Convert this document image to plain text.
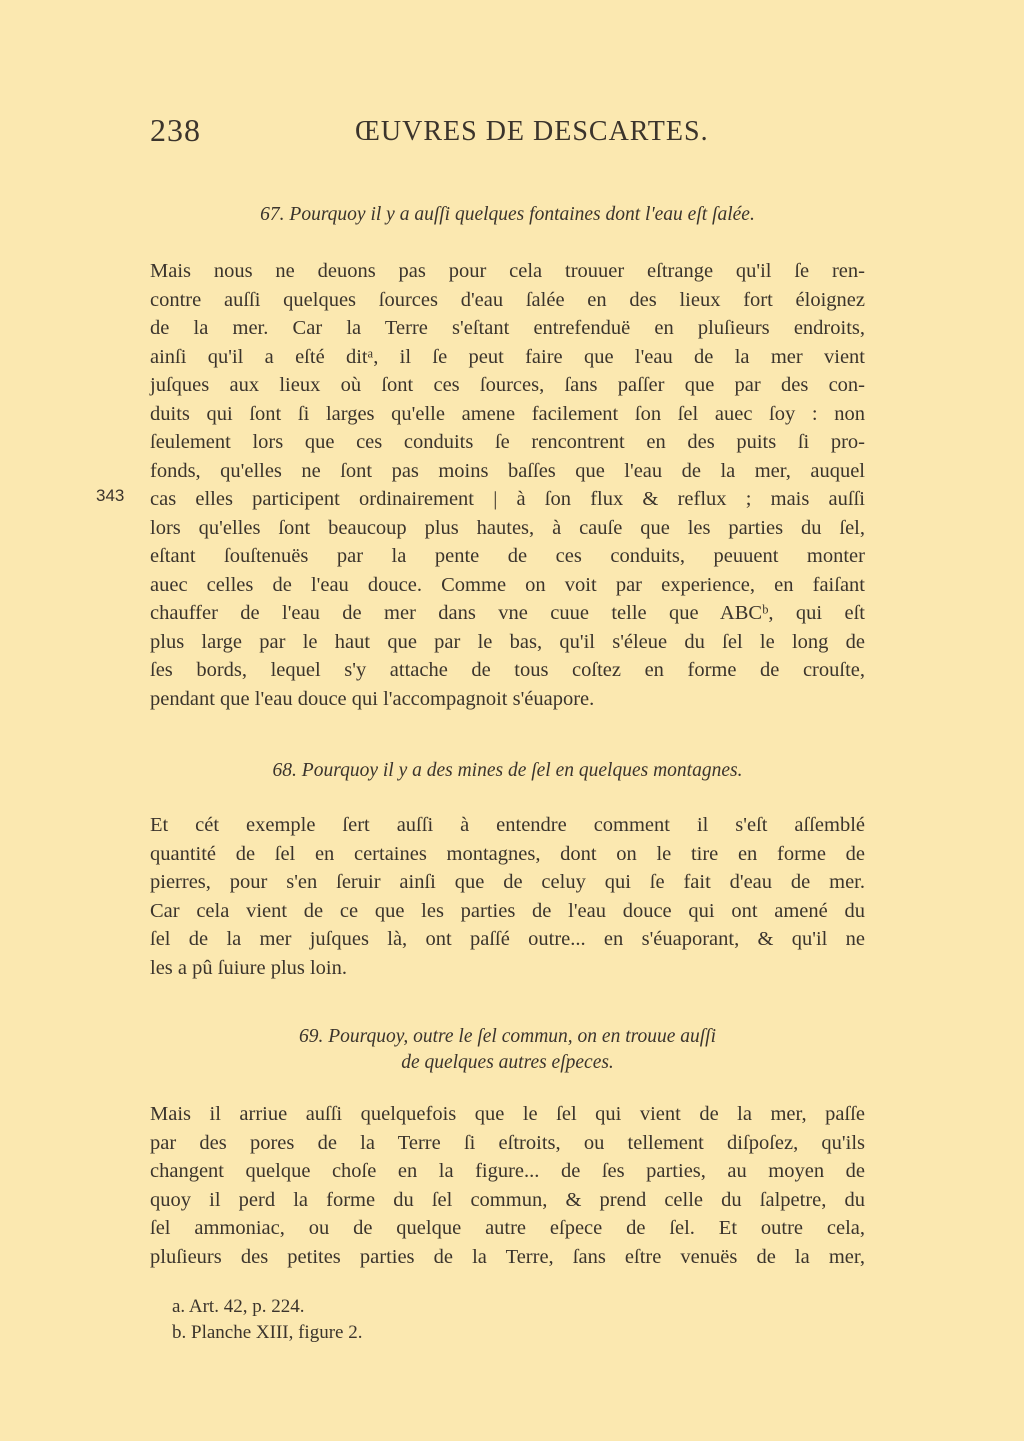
238	ŒUVRES DE DESCARTES.
67. Pourquoy il y a auſſi quelques fontaines dont l'eau eſt ſalée.
Mais nous ne deuons pas pour cela trouuer eſtrange qu'il ſe ren-
contre auſſi quelques ſources d'eau ſalée en des lieux fort éloignez
de la mer. Car la Terre s'eſtant entrefenduë en pluſieurs endroits,
ainſi qu'il a eſté ditᵃ, il ſe peut faire que l'eau de la mer vient
juſques aux lieux où ſont ces ſources, ſans paſſer que par des con-
duits qui ſont ſi larges qu'elle amene facilement ſon ſel auec ſoy : non
ſeulement lors que ces conduits ſe rencontrent en des puits ſi pro-
fonds, qu'elles ne ſont pas moins baſſes que l'eau de la mer, auquel
cas elles participent ordinairement | à ſon flux & reflux ; mais auſſi
lors qu'elles ſont beaucoup plus hautes, à cauſe que les parties du ſel,
eſtant ſouſtenuës par la pente de ces conduits, peuuent monter
auec celles de l'eau douce. Comme on voit par experience, en faiſant
chauffer de l'eau de mer dans vne cuue telle que ABCᵇ, qui eſt
plus large par le haut que par le bas, qu'il s'éleue du ſel le long de
ſes bords, lequel s'y attache de tous coſtez en forme de crouſte,
pendant que l'eau douce qui l'accompagnoit s'éuapore.
343
68. Pourquoy il y a des mines de ſel en quelques montagnes.
Et cét exemple ſert auſſi à entendre comment il s'eſt aſſemblé
quantité de ſel en certaines montagnes, dont on le tire en forme de
pierres, pour s'en ſeruir ainſi que de celuy qui ſe fait d'eau de mer.
Car cela vient de ce que les parties de l'eau douce qui ont amené du
ſel de la mer juſques là, ont paſſé outre... en s'éuaporant, & qu'il ne
les a pû ſuiure plus loin.
69. Pourquoy, outre le ſel commun, on en trouue auſſi
de quelques autres eſpeces.
Mais il arriue auſſi quelquefois que le ſel qui vient de la mer, paſſe
par des pores de la Terre ſi eſtroits, ou tellement diſpoſez, qu'ils
changent quelque choſe en la figure... de ſes parties, au moyen de
quoy il perd la forme du ſel commun, & prend celle du ſalpetre, du
ſel ammoniac, ou de quelque autre eſpece de ſel. Et outre cela,
pluſieurs des petites parties de la Terre, ſans eſtre venuës de la mer,
a. Art. 42, p. 224.
b. Planche XIII, figure 2.
